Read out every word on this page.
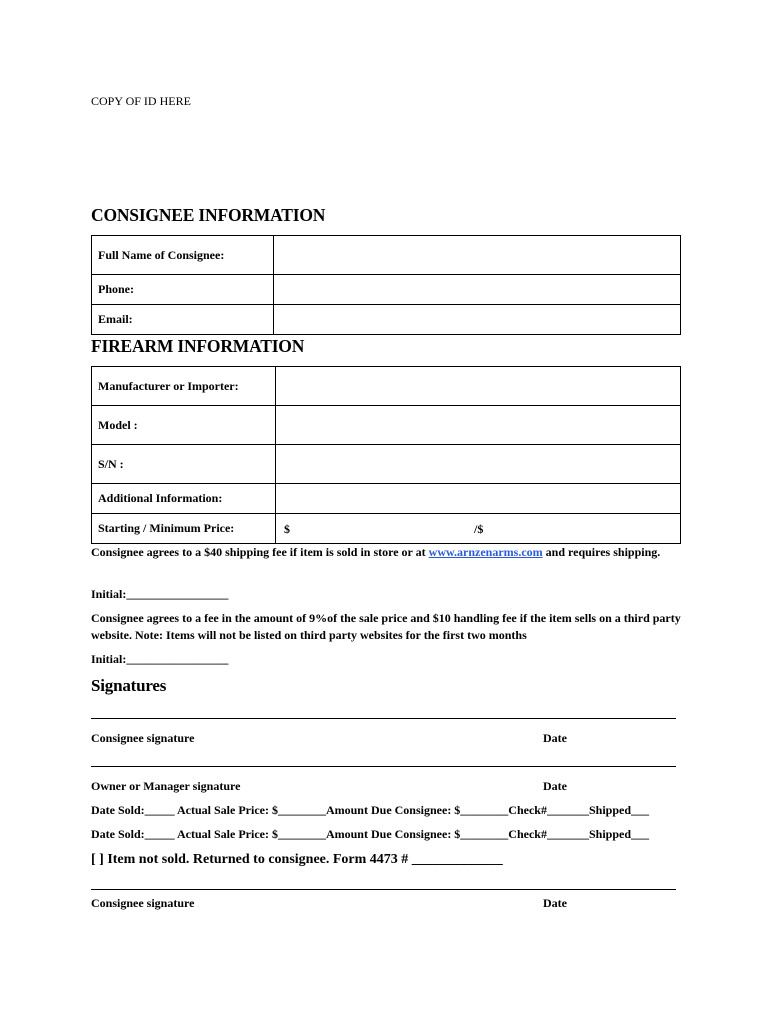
COPY OF ID HERE
CONSIGNEE INFORMATION
Full Name of Consignee:	
Phone:	
Email:	
FIREARM INFORMATION
Manufacturer or Importer:	
Model :	
S/N :	
Additional Information:	
Starting / Minimum Price:	$ /$
Consignee agrees to a $40 shipping fee if item is sold in store or at www.arnzenarms.com and requires shipping.
Initial:_________________
Consignee agrees to a fee in the amount of 9%of the sale price and $10 handling fee if the item sells on a third party website. Note: Items will not be listed on third party websites for the first two months
Initial:_________________
Signatures
Consignee signature	Date
Owner or Manager signature	Date
Date Sold:_____ Actual Sale Price: $________Amount Due Consignee: $________Check#_______Shipped___
Date Sold:_____ Actual Sale Price: $________Amount Due Consignee: $________Check#_______Shipped___
[ ] Item not sold. Returned to consignee. Form 4473 # _____________
Consignee signature	Date
